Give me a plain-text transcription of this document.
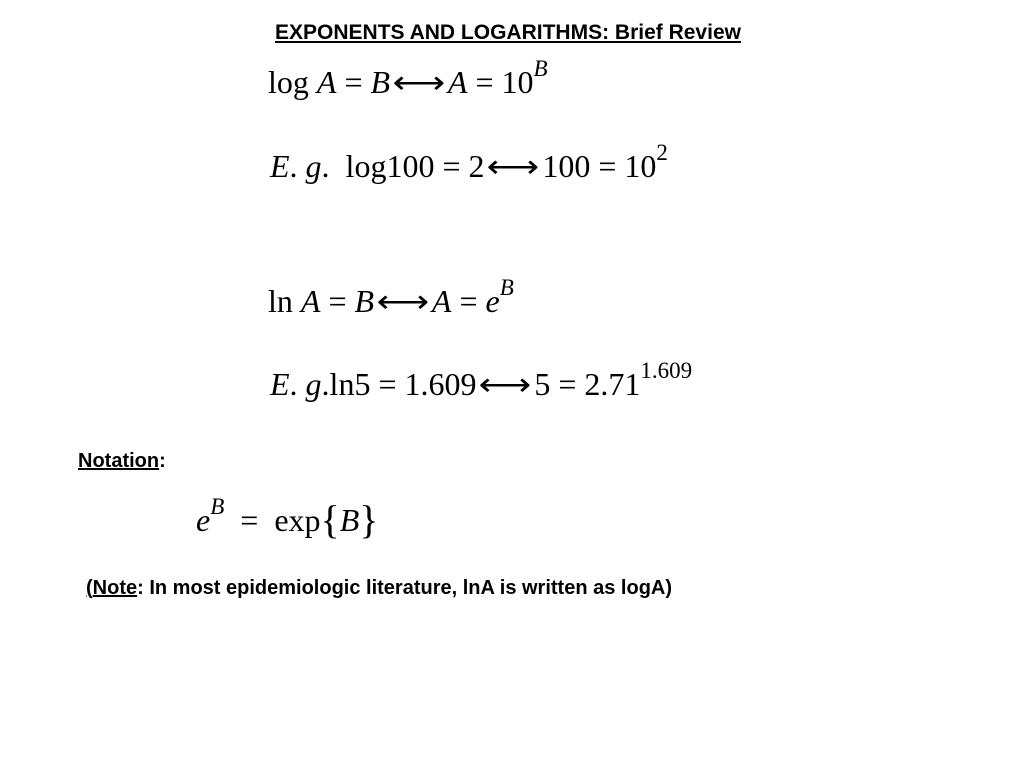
EXPONENTS AND LOGARITHMS: Brief Review
log A = B⟷A = $10^B$
E. g.  log100 = 2⟷100 = $10^2$
ln A = B⟷A = $e^B$
E. g.ln5 = 1.609⟷5 = $2.71^{1.609}$
Notation:
$e^B = \exp\{B\}$
(Note: In most epidemiologic literature, lnA is written as logA)
